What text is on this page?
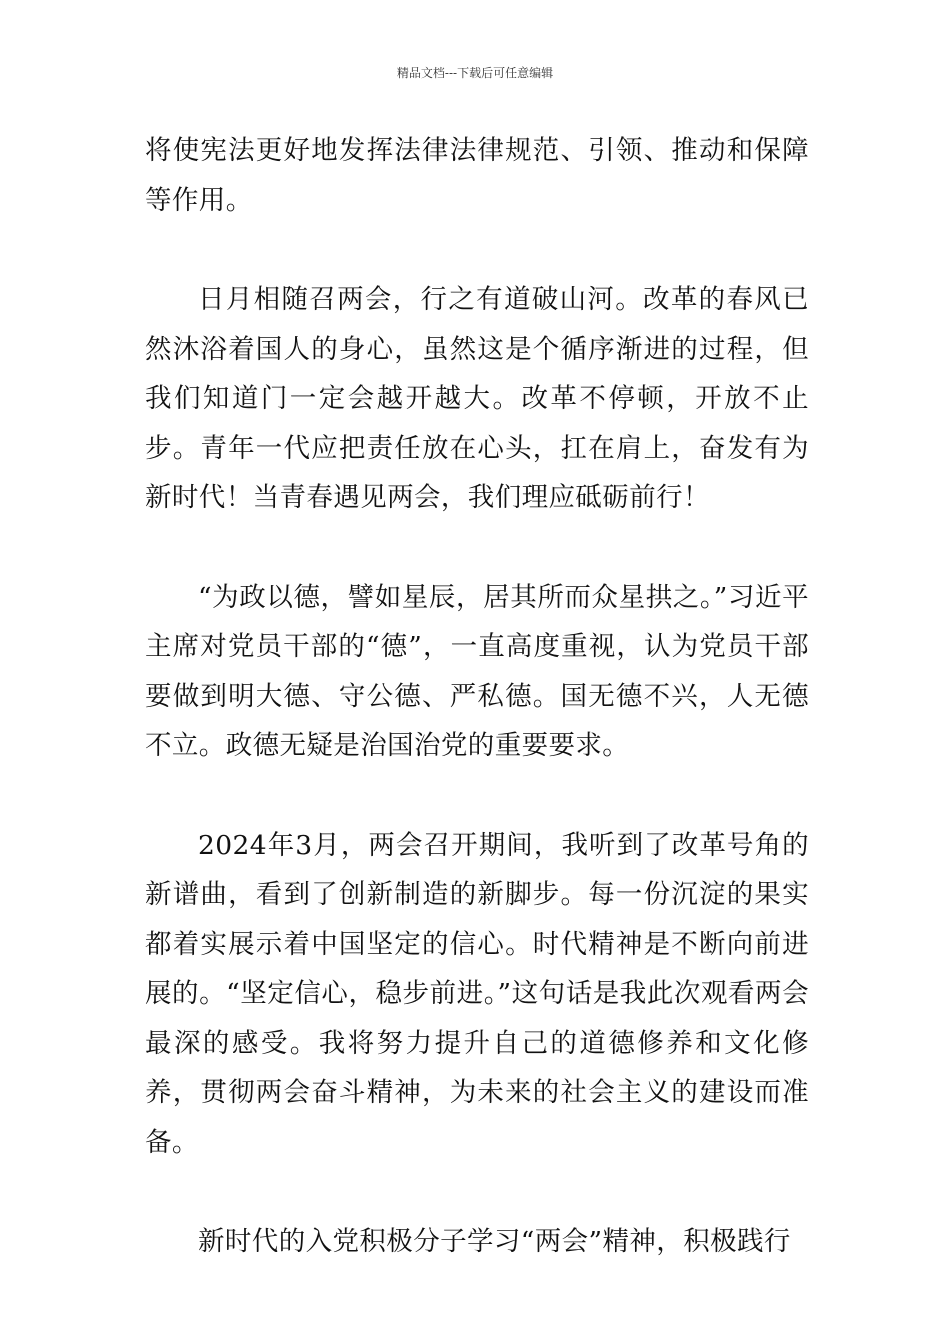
精品文档---下载后可任意编辑

将使宪法更好地发挥法律法律规范、引领、推动和保障等作用。

日月相随召两会，行之有道破山河。改革的春风已然沐浴着国人的身心，虽然这是个循序渐进的过程，但我们知道门一定会越开越大。改革不停顿，开放不止步。青年一代应把责任放在心头，扛在肩上，奋发有为新时代！当青春遇见两会，我们理应砥砺前行！

“为政以德，譬如星辰，居其所而众星拱之。”习近平主席对党员干部的“德”，一直高度重视，认为党员干部要做到明大德、守公德、严私德。国无德不兴，人无德不立。政德无疑是治国治党的重要要求。

2024年3月，两会召开期间，我听到了改革号角的新谱曲，看到了创新制造的新脚步。每一份沉淀的果实都着实展示着中国坚定的信心。时代精神是不断向前进展的。“坚定信心，稳步前进。”这句话是我此次观看两会最深的感受。我将努力提升自己的道德修养和文化修养，贯彻两会奋斗精神，为未来的社会主义的建设而准备。

新时代的入党积极分子学习“两会”精神，积极践行
